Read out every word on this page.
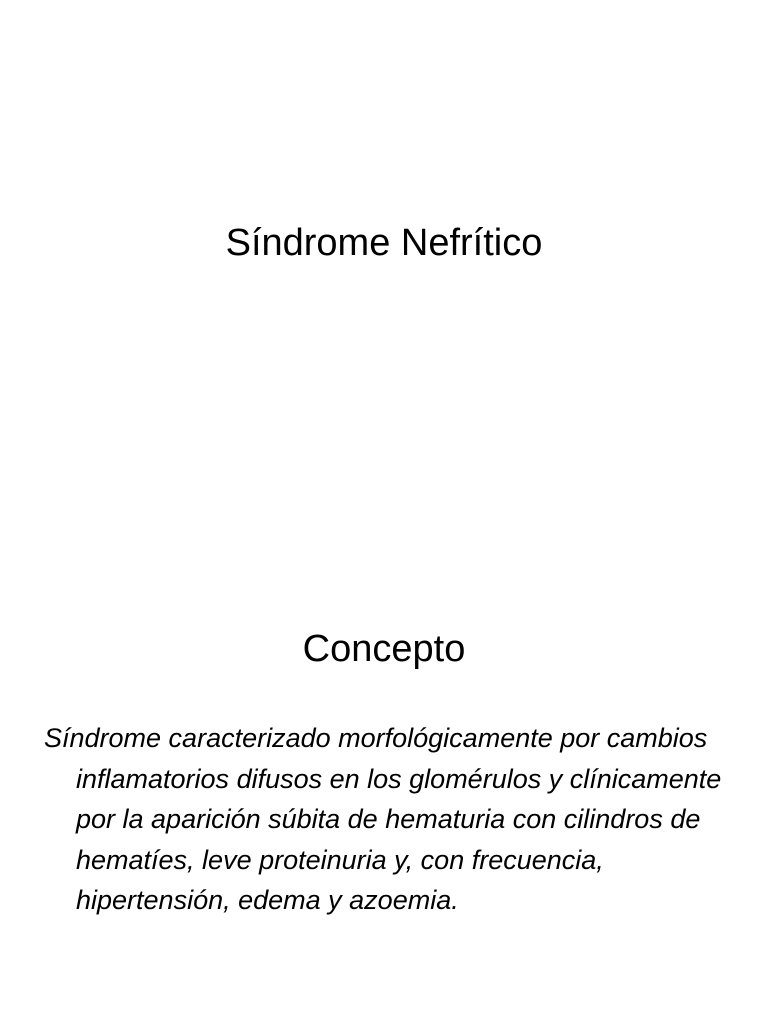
Síndrome Nefrítico
Concepto

Síndrome caracterizado morfológicamente por cambios inflamatorios difusos en los glomérulos y clínicamente por la aparición súbita de hematuria con cilindros de hematíes, leve proteinuria y, con frecuencia, hipertensión, edema y azoemia.
